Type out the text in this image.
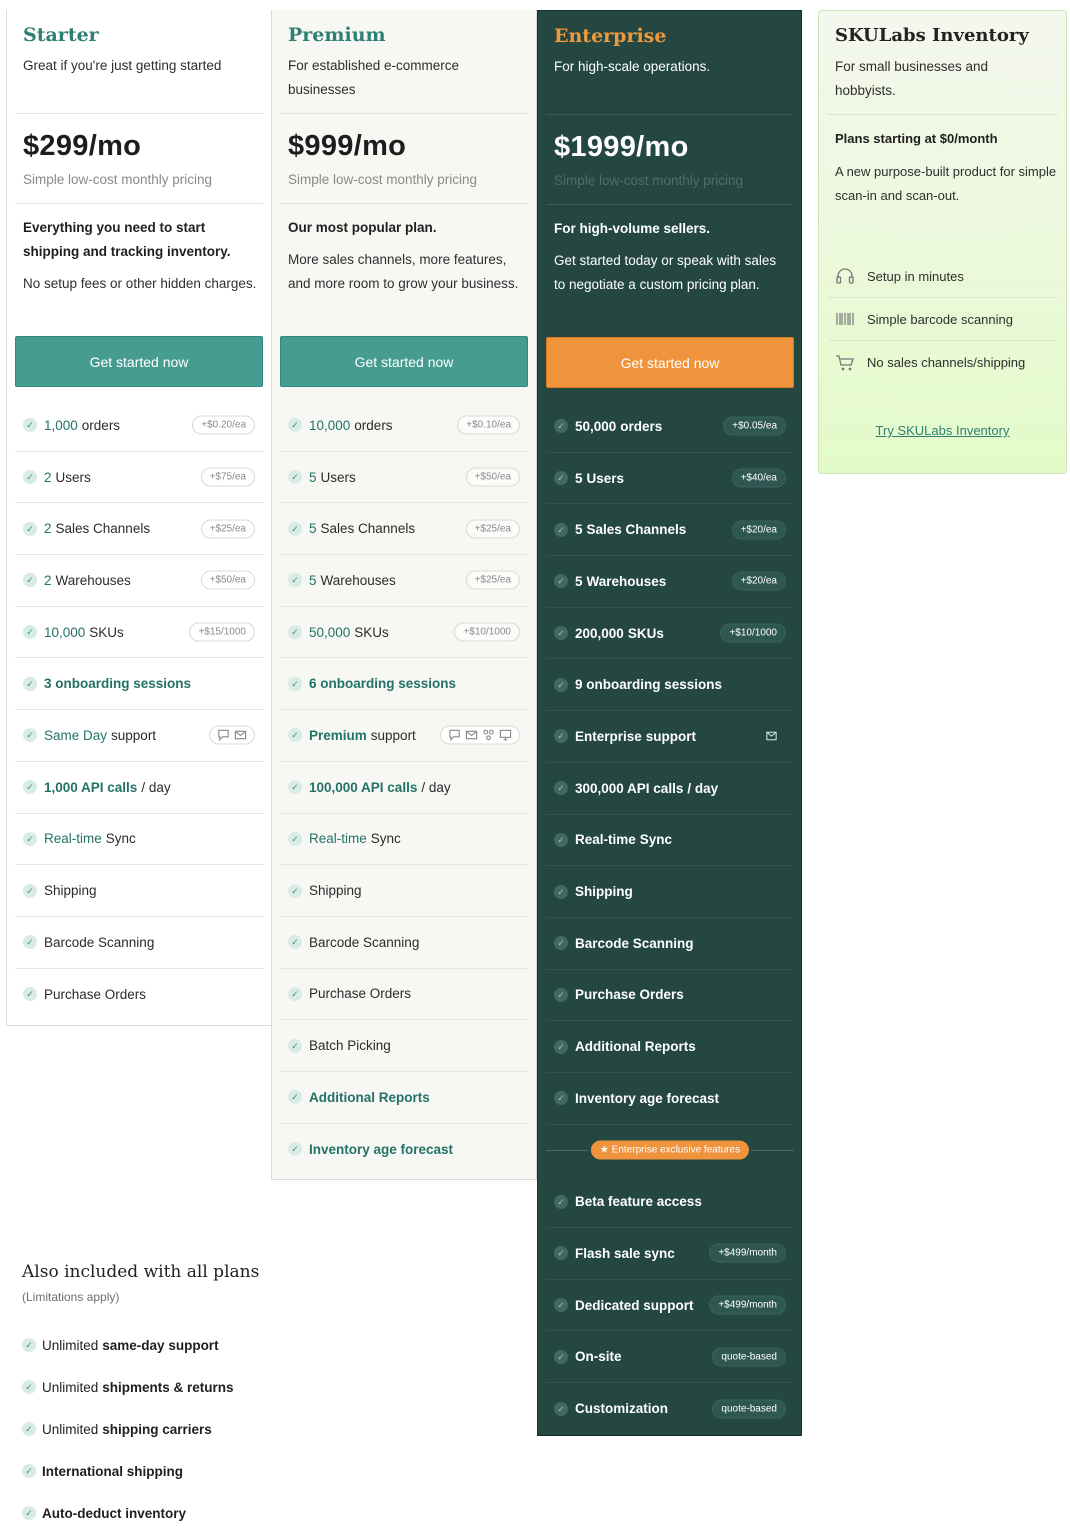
Starter

Great if you're just getting started

$299/mo
Simple low-cost monthly pricing
Everything you need to start shipping and tracking inventory.
No setup fees or other hidden charges.
Get started now
✓ 1,000 orders	+$0.20/ea
✓ 2 Users	+$75/ea
✓ 2 Sales Channels	+$25/ea
✓ 2 Warehouses	+$50/ea
✓ 10,000 SKUs	+$15/1000
✓ 3 onboarding sessions
✓ Same Day support
✓ 1,000 API calls / day
✓ Real-time Sync
✓ Shipping
✓ Barcode Scanning
✓ Purchase Orders
Premium

For established e-commerce businesses

$999/mo
Simple low-cost monthly pricing
Our most popular plan.
More sales channels, more features, and more room to grow your business.
Get started now
✓ 10,000 orders	+$0.10/ea
✓ 5 Users	+$50/ea
✓ 5 Sales Channels	+$25/ea
✓ 5 Warehouses	+$25/ea
✓ 50,000 SKUs	+$10/1000
✓ 6 onboarding sessions
✓ Premium support
✓ 100,000 API calls / day
✓ Real-time Sync
✓ Shipping
✓ Barcode Scanning
✓ Purchase Orders
✓ Batch Picking
✓ Additional Reports
✓ Inventory age forecast
Enterprise

For high-scale operations.

$1999/mo
Simple low-cost monthly pricing
For high-volume sellers.
Get started today or speak with sales to negotiate a custom pricing plan.
Get started now
✓ 50,000 orders	+$0.05/ea
✓ 5 Users	+$40/ea
✓ 5 Sales Channels	+$20/ea
✓ 5 Warehouses	+$20/ea
✓ 200,000 SKUs	+$10/1000
✓ 9 onboarding sessions
✓ Enterprise support
✓ 300,000 API calls / day
✓ Real-time Sync
✓ Shipping
✓ Barcode Scanning
✓ Purchase Orders
✓ Additional Reports
✓ Inventory age forecast
★ Enterprise exclusive features
✓ Beta feature access
✓ Flash sale sync	+$499/month
✓ Dedicated support	+$499/month
✓ On-site	quote-based
✓ Customization	quote-based
SKULabs Inventory

For small businesses and hobbyists.

Plans starting at $0/month
A new purpose-built product for simple scan-in and scan-out.
Setup in minutes
Simple barcode scanning
No sales channels/shipping
Try SKULabs Inventory
Also included with all plans
(Limitations apply)
✓ Unlimited same-day support
✓ Unlimited shipments & returns
✓ Unlimited shipping carriers
✓ International shipping
✓ Auto-deduct inventory
